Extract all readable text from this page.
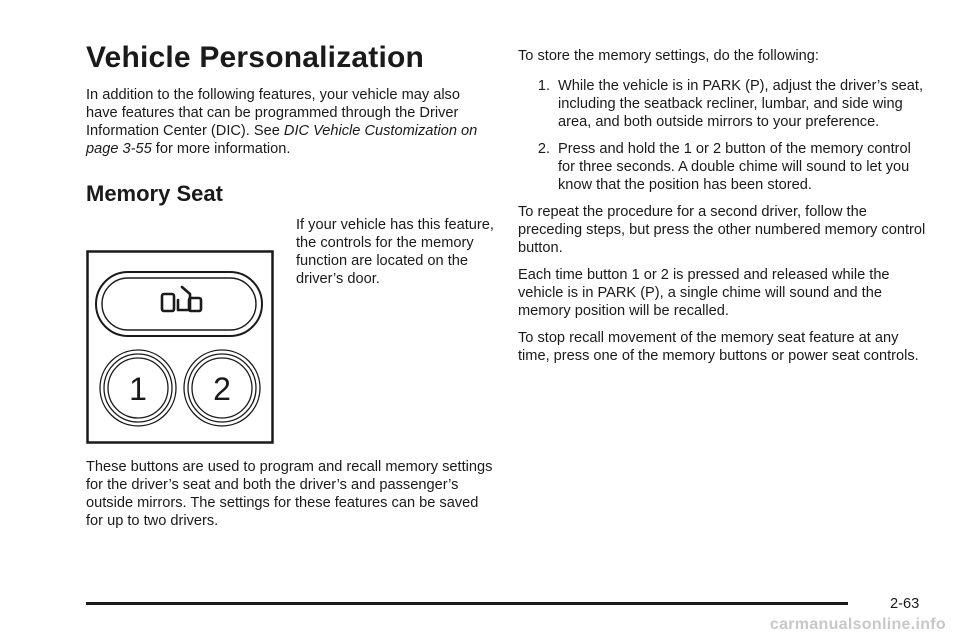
Vehicle Personalization

In addition to the following features, your vehicle may also have features that can be programmed through the Driver Information Center (DIC). See DIC Vehicle Customization on page 3-55 for more information.

Memory Seat

If your vehicle has this feature, the controls for the memory function are located on the driver’s door.

1 2

These buttons are used to program and recall memory settings for the driver’s seat and both the driver’s and passenger’s outside mirrors. The settings for these features can be saved for up to two drivers.

To store the memory settings, do the following:

1. While the vehicle is in PARK (P), adjust the driver’s seat, including the seatback recliner, lumbar, and side wing area, and both outside mirrors to your preference.
2. Press and hold the 1 or 2 button of the memory control for three seconds. A double chime will sound to let you know that the position has been stored.

To repeat the procedure for a second driver, follow the preceding steps, but press the other numbered memory control button.

Each time button 1 or 2 is pressed and released while the vehicle is in PARK (P), a single chime will sound and the memory position will be recalled.

To stop recall movement of the memory seat feature at any time, press one of the memory buttons or power seat controls.

2-63
carmanualsonline.info
